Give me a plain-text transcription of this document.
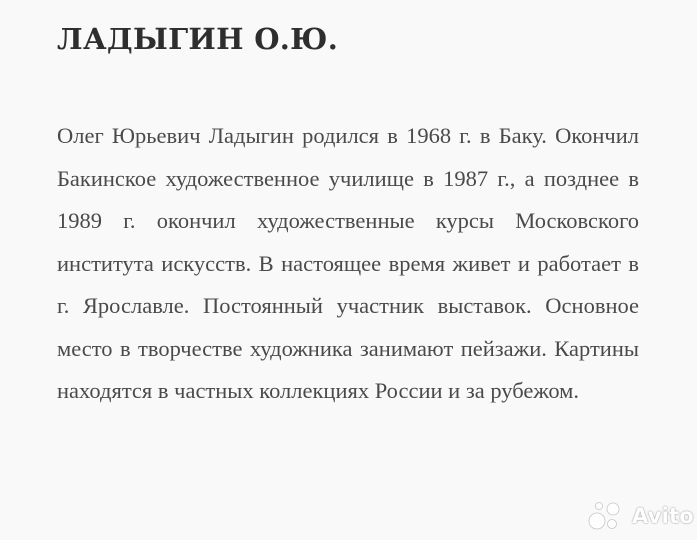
ЛАДЫГИН О.Ю.

Олег Юрьевич Ладыгин родился в 1968 г. в Баку. Окончил Бакинское художественное училище в 1987 г., а позднее в 1989 г. окончил художественные курсы Московского института искусств. В настоящее время живет и работает в г. Ярославле. Постоянный участник выставок. Основное место в творчестве художника занимают пейзажи. Картины находятся в частных коллекциях России и за рубежом.

Avito
